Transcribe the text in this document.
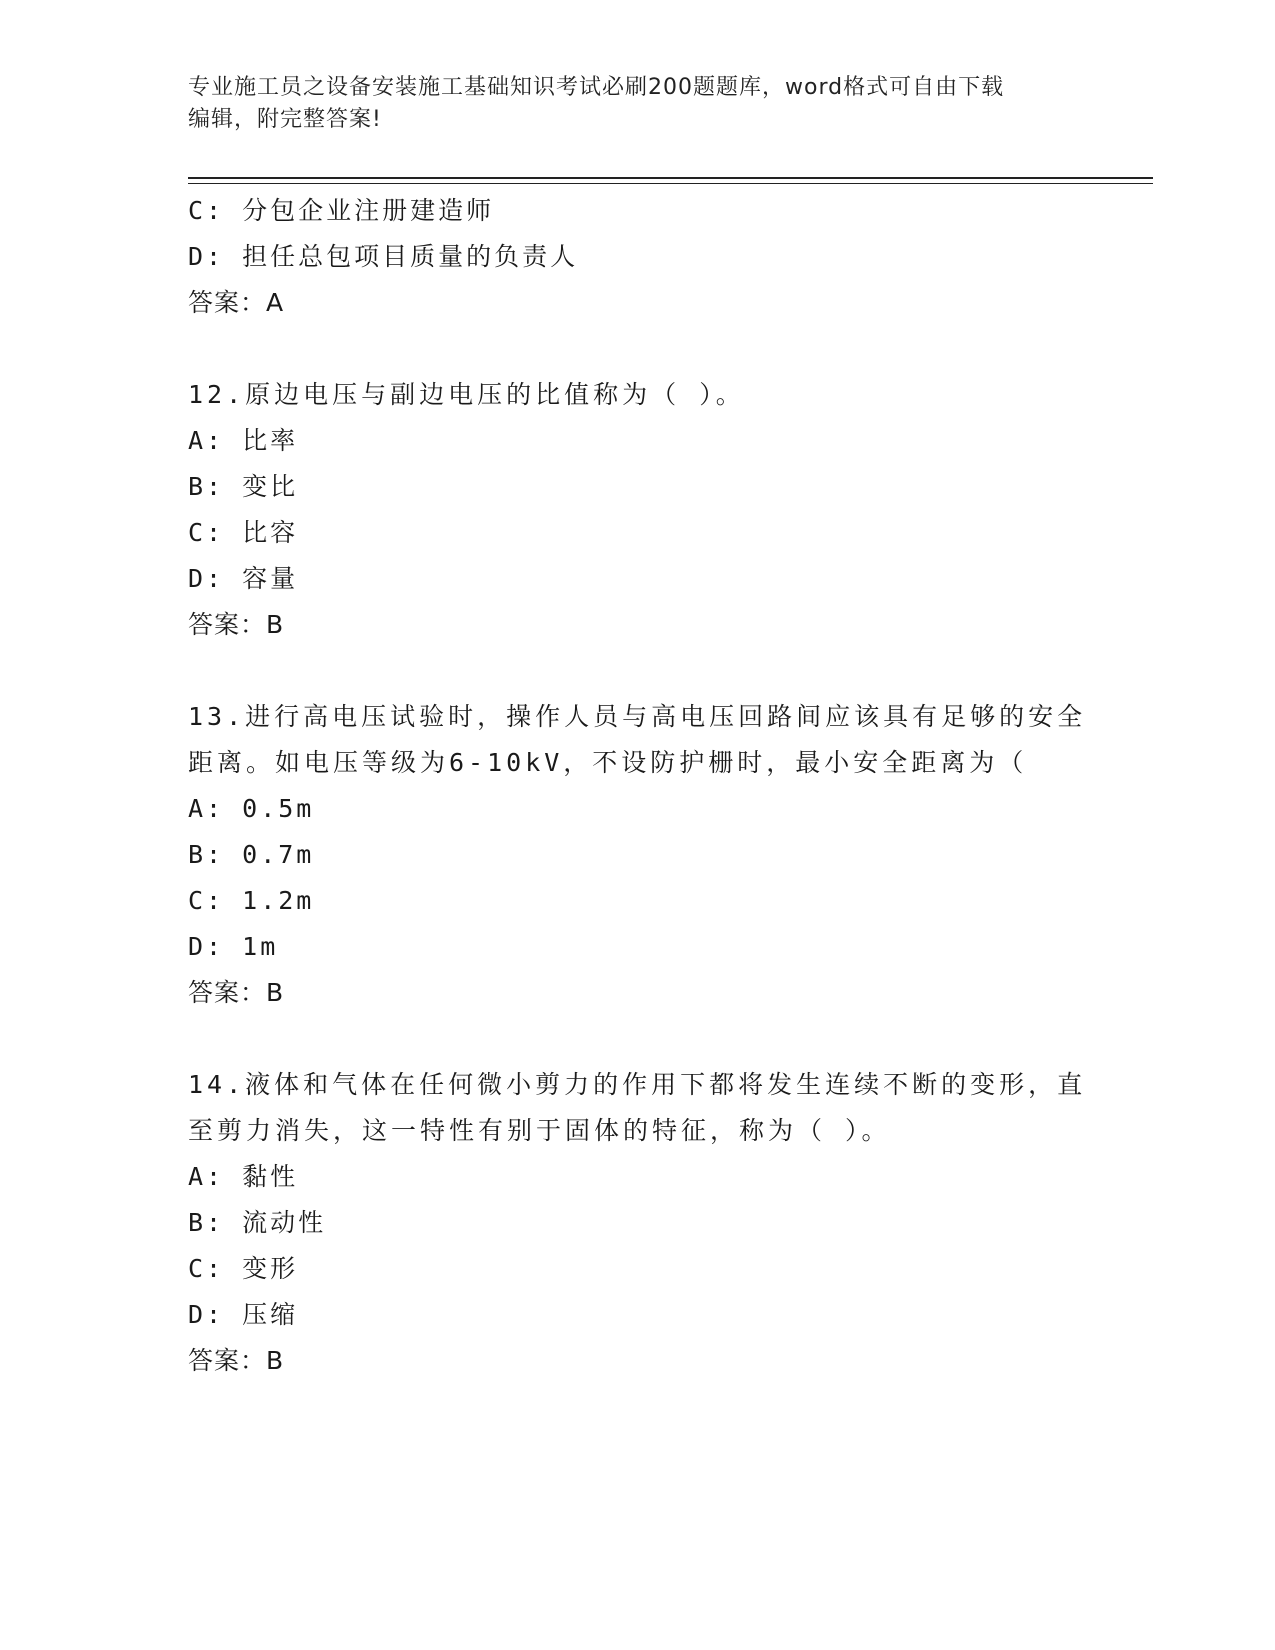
专业施工员之设备安装施工基础知识考试必刷200题题库，word格式可自由下载
编辑，附完整答案!
C: 分包企业注册建造师
D: 担任总包项目质量的负责人
答案：A
12.原边电压与副边电压的比值称为（ ）。
A: 比率
B: 变比
C: 比容
D: 容量
答案：B
13.进行高电压试验时，操作人员与高电压回路间应该具有足够的安全
距离。如电压等级为6-10kV，不设防护栅时，最小安全距离为（
A: 0.5m
B: 0.7m
C: 1.2m
D: 1m
答案：B
14.液体和气体在任何微小剪力的作用下都将发生连续不断的变形，直
至剪力消失，这一特性有别于固体的特征，称为（ ）。
A: 黏性
B: 流动性
C: 变形
D: 压缩
答案：B
